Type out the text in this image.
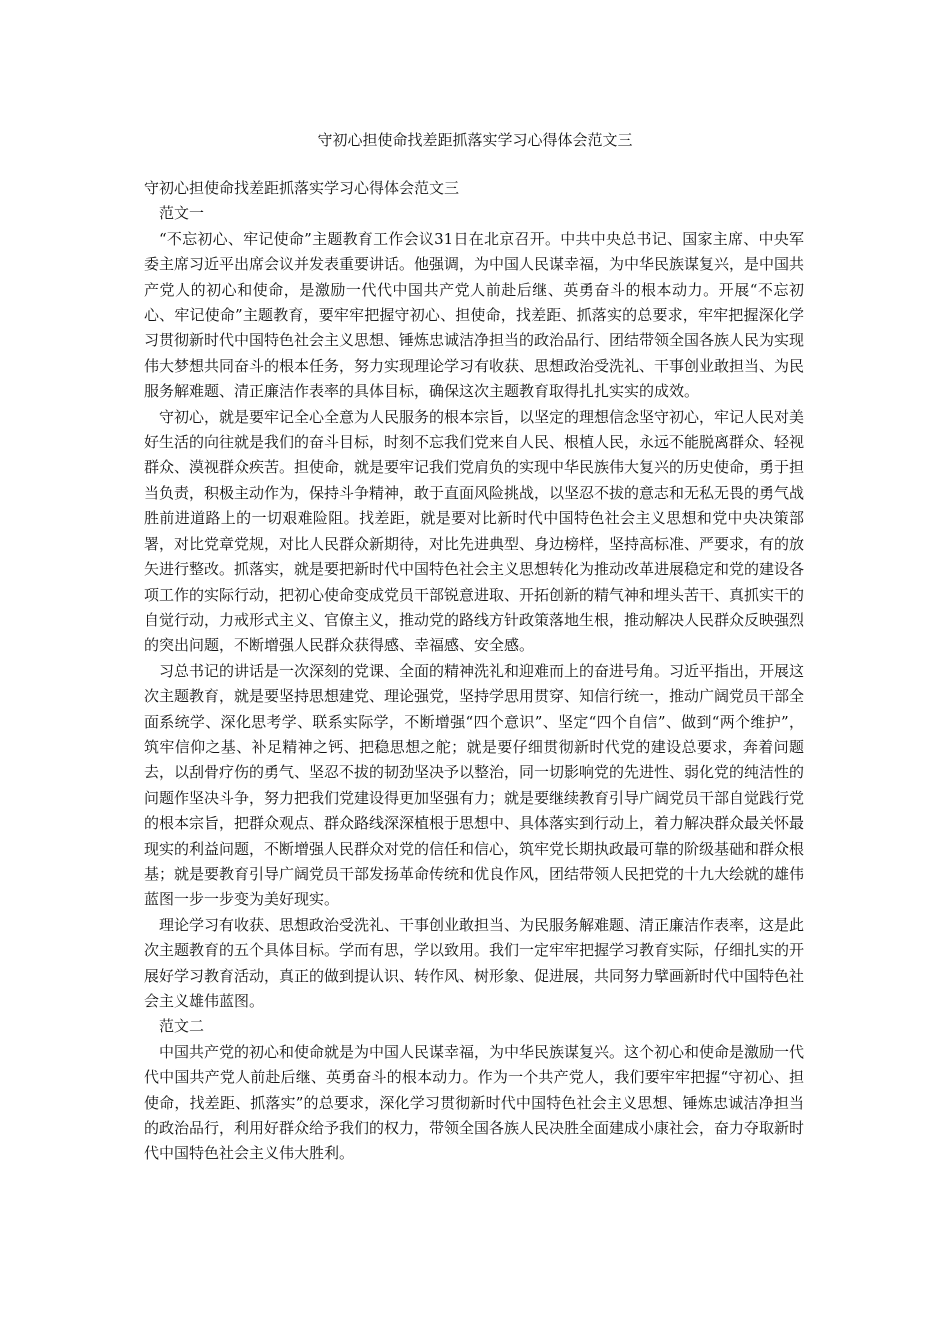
守初心担使命找差距抓落实学习心得体会范文三

守初心担使命找差距抓落实学习心得体会范文三

范文一

“不忘初心、牢记使命”主题教育工作会议31日在北京召开。中共中央总书记、国家主席、中央军委主席习近平出席会议并发表重要讲话。他强调，为中国人民谋幸福，为中华民族谋复兴，是中国共产党人的初心和使命，是激励一代代中国共产党人前赴后继、英勇奋斗的根本动力。开展“不忘初心、牢记使命”主题教育，要牢牢把握守初心、担使命，找差距、抓落实的总要求，牢牢把握深化学习贯彻新时代中国特色社会主义思想、锤炼忠诚洁净担当的政治品行、团结带领全国各族人民为实现伟大梦想共同奋斗的根本任务，努力实现理论学习有收获、思想政治受洗礼、干事创业敢担当、为民服务解难题、清正廉洁作表率的具体目标，确保这次主题教育取得扎扎实实的成效。

守初心，就是要牢记全心全意为人民服务的根本宗旨，以坚定的理想信念坚守初心，牢记人民对美好生活的向往就是我们的奋斗目标，时刻不忘我们党来自人民、根植人民，永远不能脱离群众、轻视群众、漠视群众疾苦。担使命，就是要牢记我们党肩负的实现中华民族伟大复兴的历史使命，勇于担当负责，积极主动作为，保持斗争精神，敢于直面风险挑战，以坚忍不拔的意志和无私无畏的勇气战胜前进道路上的一切艰难险阻。找差距，就是要对比新时代中国特色社会主义思想和党中央决策部署，对比党章党规，对比人民群众新期待，对比先进典型、身边榜样，坚持高标准、严要求，有的放矢进行整改。抓落实，就是要把新时代中国特色社会主义思想转化为推动改革进展稳定和党的建设各项工作的实际行动，把初心使命变成党员干部锐意进取、开拓创新的精气神和埋头苦干、真抓实干的自觉行动，力戒形式主义、官僚主义，推动党的路线方针政策落地生根，推动解决人民群众反映强烈的突出问题，不断增强人民群众获得感、幸福感、安全感。

习总书记的讲话是一次深刻的党课、全面的精神洗礼和迎难而上的奋进号角。习近平指出，开展这次主题教育，就是要坚持思想建党、理论强党，坚持学思用贯穿、知信行统一，推动广阔党员干部全面系统学、深化思考学、联系实际学，不断增强“四个意识”、坚定“四个自信”、做到“两个维护”，筑牢信仰之基、补足精神之钙、把稳思想之舵；就是要仔细贯彻新时代党的建设总要求，奔着问题去，以刮骨疗伤的勇气、坚忍不拔的韧劲坚决予以整治，同一切影响党的先进性、弱化党的纯洁性的问题作坚决斗争，努力把我们党建设得更加坚强有力；就是要继续教育引导广阔党员干部自觉践行党的根本宗旨，把群众观点、群众路线深深植根于思想中、具体落实到行动上，着力解决群众最关怀最现实的利益问题，不断增强人民群众对党的信任和信心，筑牢党长期执政最可靠的阶级基础和群众根基；就是要教育引导广阔党员干部发扬革命传统和优良作风，团结带领人民把党的十九大绘就的雄伟蓝图一步一步变为美好现实。

理论学习有收获、思想政治受洗礼、干事创业敢担当、为民服务解难题、清正廉洁作表率，这是此次主题教育的五个具体目标。学而有思，学以致用。我们一定牢牢把握学习教育实际，仔细扎实的开展好学习教育活动，真正的做到提认识、转作风、树形象、促进展，共同努力擘画新时代中国特色社会主义雄伟蓝图。

范文二

中国共产党的初心和使命就是为中国人民谋幸福，为中华民族谋复兴。这个初心和使命是激励一代代中国共产党人前赴后继、英勇奋斗的根本动力。作为一个共产党人，我们要牢牢把握“守初心、担使命，找差距、抓落实”的总要求，深化学习贯彻新时代中国特色社会主义思想、锤炼忠诚洁净担当的政治品行，利用好群众给予我们的权力，带领全国各族人民决胜全面建成小康社会，奋力夺取新时代中国特色社会主义伟大胜利。
